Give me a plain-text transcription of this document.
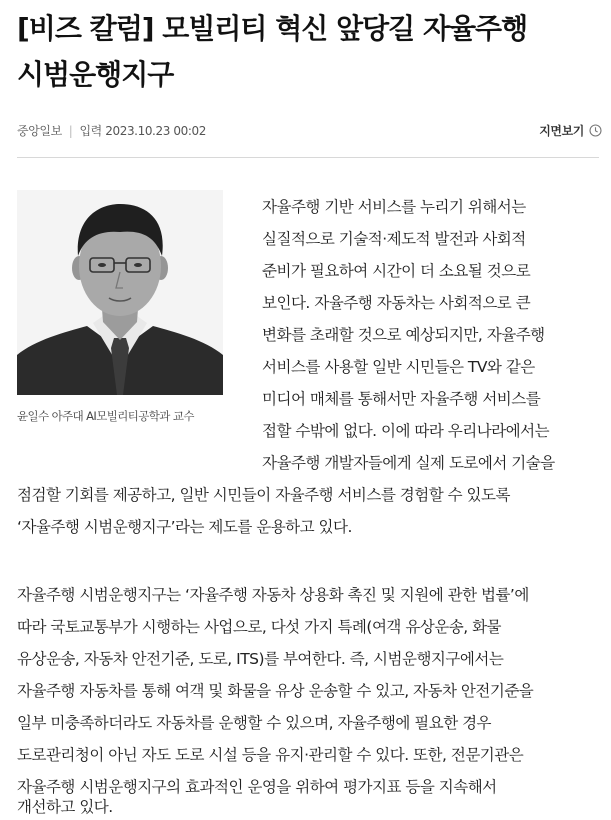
[비즈 칼럼] 모빌리티 혁신 앞당길 자율주행
시범운행지구
중앙일보 | 입력 2023.10.23 00:02	지면보기
윤일수 아주대 AI모빌리티공학과 교수
자율주행 기반 서비스를 누리기 위해서는
실질적으로 기술적·제도적 발전과 사회적
준비가 필요하여 시간이 더 소요될 것으로
보인다. 자율주행 자동차는 사회적으로 큰
변화를 초래할 것으로 예상되지만, 자율주행
서비스를 사용할 일반 시민들은 TV와 같은
미디어 매체를 통해서만 자율주행 서비스를
접할 수밖에 없다. 이에 따라 우리나라에서는
자율주행 개발자들에게 실제 도로에서 기술을
점검할 기회를 제공하고, 일반 시민들이 자율주행 서비스를 경험할 수 있도록
‘자율주행 시범운행지구’라는 제도를 운용하고 있다.
자율주행 시범운행지구는 ‘자율주행 자동차 상용화 촉진 및 지원에 관한 법률’에
따라 국토교통부가 시행하는 사업으로, 다섯 가지 특례(여객 유상운송, 화물
유상운송, 자동차 안전기준, 도로, ITS)를 부여한다. 즉, 시범운행지구에서는
자율주행 자동차를 통해 여객 및 화물을 유상 운송할 수 있고, 자동차 안전기준을
일부 미충족하더라도 자동차를 운행할 수 있으며, 자율주행에 필요한 경우
도로관리청이 아닌 자도 도로 시설 등을 유지·관리할 수 있다. 또한, 전문기관은
자율주행 시범운행지구의 효과적인 운영을 위하여 평가지표 등을 지속해서
개선하고 있다.
